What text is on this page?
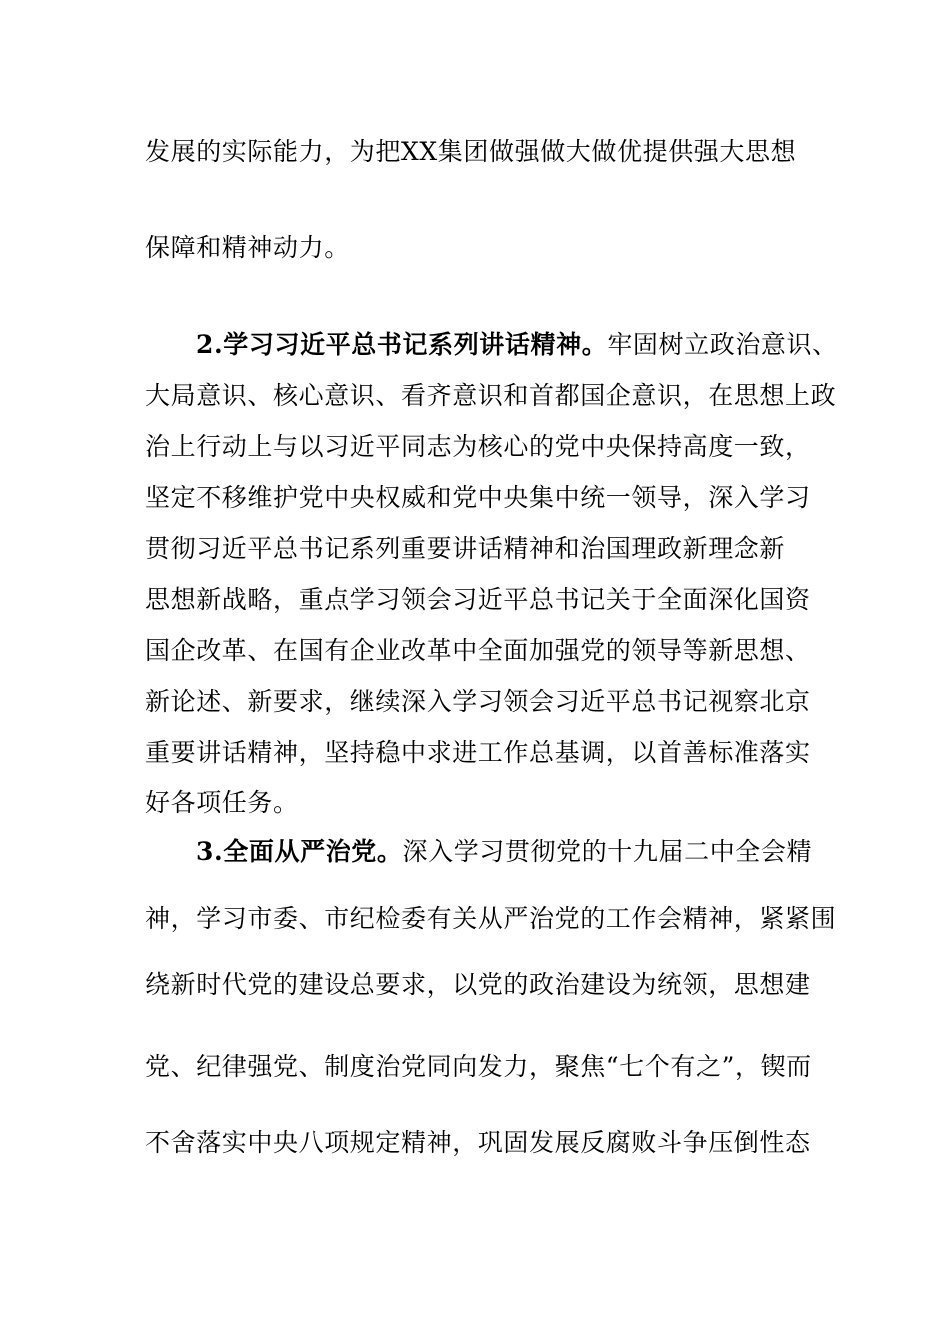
发展的实际能力，为把XX集团做强做大做优提供强大思想
保障和精神动力。
2.学习习近平总书记系列讲话精神。牢固树立政治意识、
大局意识、核心意识、看齐意识和首都国企意识，在思想上政
治上行动上与以习近平同志为核心的党中央保持高度一致，
坚定不移维护党中央权威和党中央集中统一领导，深入学习
贯彻习近平总书记系列重要讲话精神和治国理政新理念新
思想新战略，重点学习领会习近平总书记关于全面深化国资
国企改革、在国有企业改革中全面加强党的领导等新思想、
新论述、新要求，继续深入学习领会习近平总书记视察北京
重要讲话精神，坚持稳中求进工作总基调，以首善标准落实
好各项任务。
3.全面从严治党。深入学习贯彻党的十九届二中全会精
神，学习市委、市纪检委有关从严治党的工作会精神，紧紧围
绕新时代党的建设总要求，以党的政治建设为统领，思想建
党、纪律强党、制度治党同向发力，聚焦“七个有之”，锲而
不舍落实中央八项规定精神，巩固发展反腐败斗争压倒性态
